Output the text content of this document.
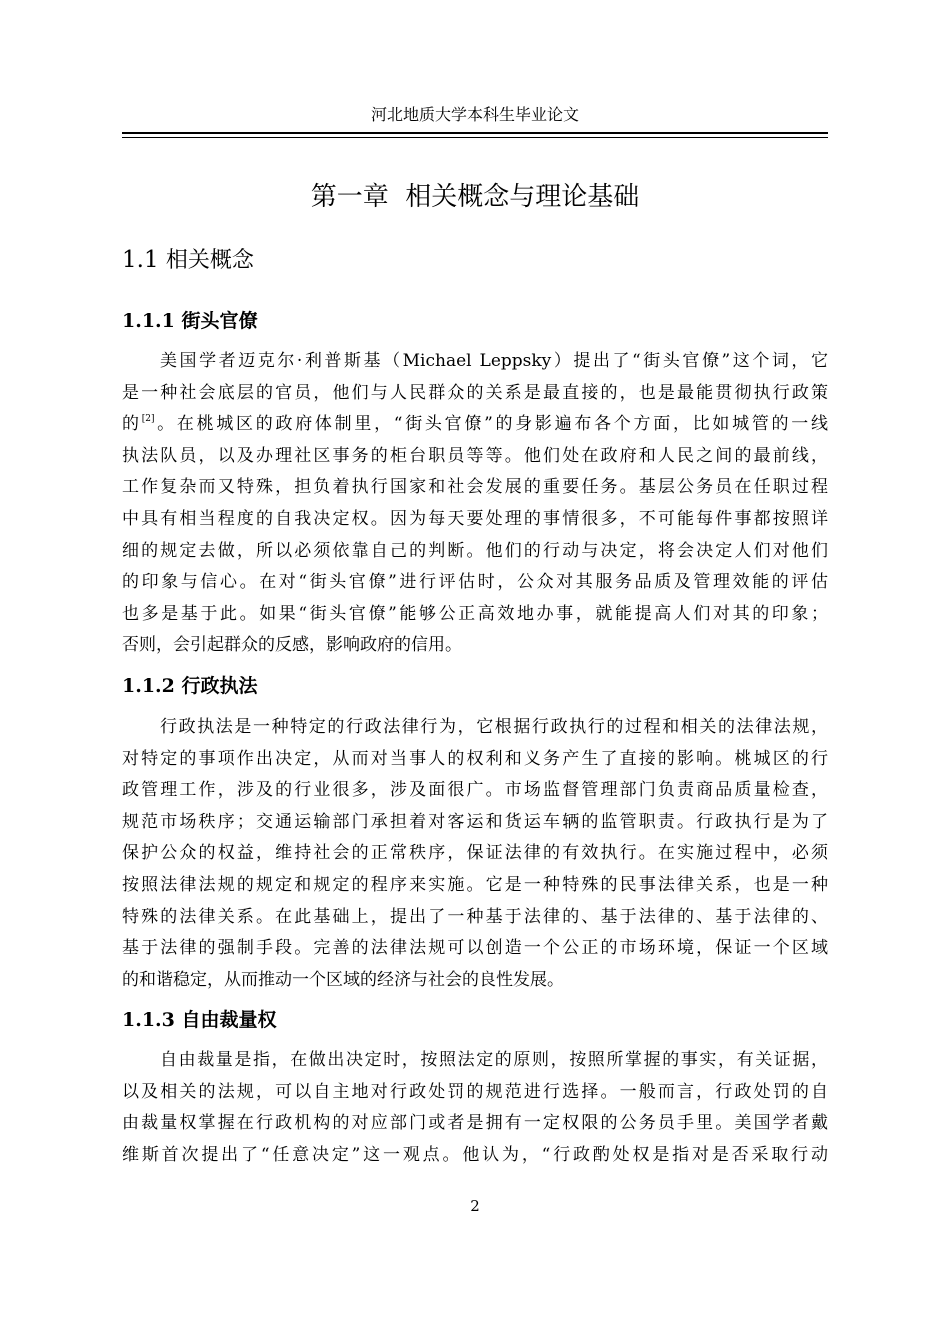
河北地质大学本科生毕业论文
第一章  相关概念与理论基础
1.1 相关概念
1.1.1 街头官僚
美国学者迈克尔·利普斯基（Michael Leppsky）提出了“街头官僚”这个词，它
是一种社会底层的官员，他们与人民群众的关系是最直接的，也是最能贯彻执行政策
的[2]。在桃城区的政府体制里，“街头官僚”的身影遍布各个方面，比如城管的一线
执法队员，以及办理社区事务的柜台职员等等。他们处在政府和人民之间的最前线，
工作复杂而又特殊，担负着执行国家和社会发展的重要任务。基层公务员在任职过程
中具有相当程度的自我决定权。因为每天要处理的事情很多，不可能每件事都按照详
细的规定去做，所以必须依靠自己的判断。他们的行动与决定，将会决定人们对他们
的印象与信心。在对“街头官僚”进行评估时，公众对其服务品质及管理效能的评估
也多是基于此。如果“街头官僚”能够公正高效地办事，就能提高人们对其的印象；
否则，会引起群众的反感，影响政府的信用。
1.1.2 行政执法
行政执法是一种特定的行政法律行为，它根据行政执行的过程和相关的法律法规，
对特定的事项作出决定，从而对当事人的权利和义务产生了直接的影响。桃城区的行
政管理工作，涉及的行业很多，涉及面很广。市场监督管理部门负责商品质量检查，
规范市场秩序；交通运输部门承担着对客运和货运车辆的监管职责。行政执行是为了
保护公众的权益，维持社会的正常秩序，保证法律的有效执行。在实施过程中，必须
按照法律法规的规定和规定的程序来实施。它是一种特殊的民事法律关系，也是一种
特殊的法律关系。在此基础上，提出了一种基于法律的、基于法律的、基于法律的、
基于法律的强制手段。完善的法律法规可以创造一个公正的市场环境，保证一个区域
的和谐稳定，从而推动一个区域的经济与社会的良性发展。
1.1.3 自由裁量权
自由裁量是指，在做出决定时，按照法定的原则，按照所掌握的事实，有关证据，
以及相关的法规，可以自主地对行政处罚的规范进行选择。一般而言，行政处罚的自
由裁量权掌握在行政机构的对应部门或者是拥有一定权限的公务员手里。美国学者戴
维斯首次提出了“任意决定”这一观点。他认为，“行政酌处权是指对是否采取行动
2
